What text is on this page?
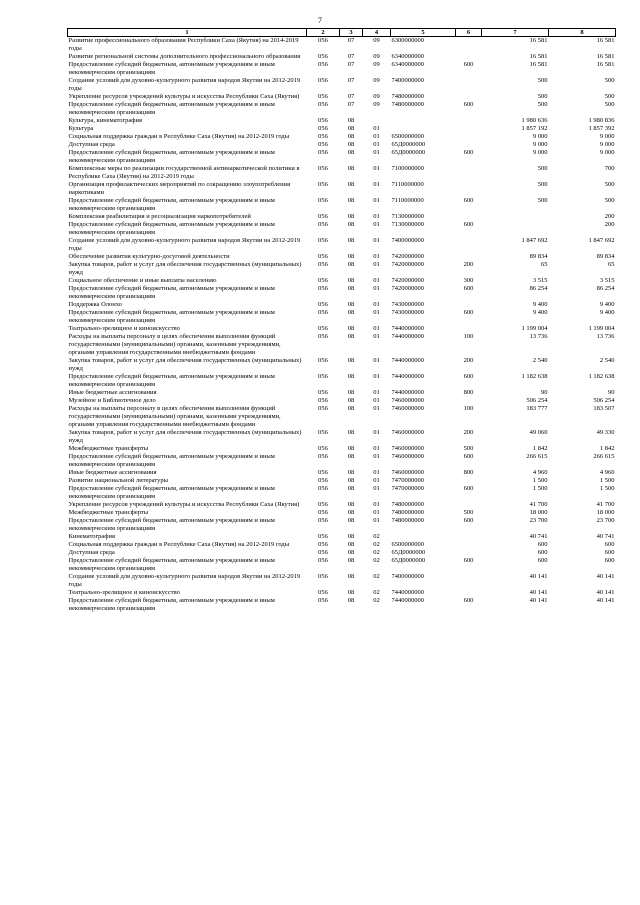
7
1	2	3	4	5	6	7	8
Развитие профессионального образования Республики Саха (Якутия) на 2014-2019 годы	056	07	09	6300000000		16 581	16 581
Развитие региональной системы дополнительного профессионального образования	056	07	09	6340000000		16 581	16 581
Предоставление субсидий бюджетным, автономным учреждениям и иным некоммерческим организациям	056	07	09	6340000000	600	16 581	16 581
Создание условий для духовно-культурного развития народов Якутии на 2012-2019 годы	056	07	09	7400000000		500	500
Укрепление ресурсов учреждений культуры и искусства Республики Саха (Якутия)	056	07	09	7480000000		500	500
Предоставление субсидий бюджетным, автономным учреждениям и иным некоммерческим организациям	056	07	09	7480000000	600	500	500
Культура, кинематография	056	08				1 980 636	1 980 836
Культура	056	08	01			1 857 192	1 857 392
Социальная поддержка граждан в Республике Саха (Якутия) на 2012-2019 годы	056	08	01	6500000000		9 000	9 000
Доступная среда	056	08	01	65Д0000000		9 000	9 000
Предоставление субсидий бюджетным, автономным учреждениям и иным некоммерческим организациям	056	08	01	65Д0000000	600	9 000	9 000
Комплексные меры по реализации государственной антинаркотической политики в Республике Саха (Якутия) на 2012-2019 годы	056	08	01	7100000000		500	700
Организация профилактических мероприятий по сокращению злоупотребления наркотиками	056	08	01	7110000000		500	500
Предоставление субсидий бюджетным, автономным учреждениям и иным некоммерческим организациям	056	08	01	7110000000	600	500	500
Комплексная реабилитация и ресоциализация наркопотребителей	056	08	01	7130000000			200
Предоставление субсидий бюджетным, автономным учреждениям и иным некоммерческим организациям	056	08	01	7130000000	600		200
Создание условий для духовно-культурного развития народов Якутии на 2012-2019 годы	056	08	01	7400000000		1 847 692	1 847 692
Обеспечение развития культурно-досуговой деятельности	056	08	01	7420000000		89 834	89 834
Закупка товаров, работ и услуг для обеспечения государственных (муниципальных) нужд	056	08	01	7420000000	200	65	65
Социальное обеспечение и иные выплаты населению	056	08	01	7420000000	300	3 515	3 515
Предоставление субсидий бюджетным, автономным учреждениям и иным некоммерческим организациям	056	08	01	7420000000	600	86 254	86 254
Поддержка Олонхо	056	08	01	7430000000		9 400	9 400
Предоставление субсидий бюджетным, автономным учреждениям и иным некоммерческим организациям	056	08	01	7430000000	600	9 400	9 400
Театрально-зрелищное и киноискусство	056	08	01	7440000000		1 199 004	1 199 004
Расходы на выплаты персоналу в целях обеспечения выполнения функций государственными (муниципальными) органами, казенными учреждениями, органами управления государственными внебюджетными фондами	056	08	01	7440000000	100	13 736	13 736
Закупка товаров, работ и услуг для обеспечения государственных (муниципальных) нужд	056	08	01	7440000000	200	2 540	2 540
Предоставление субсидий бюджетным, автономным учреждениям и иным некоммерческим организациям	056	08	01	7440000000	600	1 182 638	1 182 638
Иные бюджетные ассигнования	056	08	01	7440000000	800	90	90
Музейное и Библиотечное дело	056	08	01	7460000000		506 254	506 254
Расходы на выплаты персоналу в целях обеспечения выполнения функций государственными (муниципальными) органами, казенными учреждениями, органами управления государственными внебюджетными фондами	056	08	01	7460000000	100	183 777	183 507
Закупка товаров, работ и услуг для обеспечения государственных (муниципальных) нужд	056	08	01	7460000000	200	49 060	49 330
Межбюджетные трансферты	056	08	01	7460000000	500	1 842	1 842
Предоставление субсидий бюджетным, автономным учреждениям и иным некоммерческим организациям	056	08	01	7460000000	600	266 615	266 615
Иные бюджетные ассигнования	056	08	01	7460000000	800	4 960	4 960
Развитие национальной литературы	056	08	01	7470000000		1 500	1 500
Предоставление субсидий бюджетным, автономным учреждениям и иным некоммерческим организациям	056	08	01	7470000000	600	1 500	1 500
Укрепление ресурсов учреждений культуры и искусства Республики Саха (Якутия)	056	08	01	7480000000		41 700	41 700
Межбюджетные трансферты	056	08	01	7480000000	500	18 000	18 000
Предоставление субсидий бюджетным, автономным учреждениям и иным некоммерческим организациям	056	08	01	7480000000	600	23 700	23 700
Кинематография	056	08	02			40 741	40 741
Социальная поддержка граждан в Республике Саха (Якутия) на 2012-2019 годы	056	08	02	6500000000		600	600
Доступная среда	056	08	02	65Д0000000		600	600
Предоставление субсидий бюджетным, автономным учреждениям и иным некоммерческим организациям	056	08	02	65Д0000000	600	600	600
Создание условий для духовно-культурного развития народов Якутии на 2012-2019 годы	056	08	02	7400000000		40 141	40 141
Театрально-зрелищное и киноискусство	056	08	02	7440000000		40 141	40 141
Предоставление субсидий бюджетным, автономным учреждениям и иным некоммерческим организациям	056	08	02	7440000000	600	40 141	40 141
